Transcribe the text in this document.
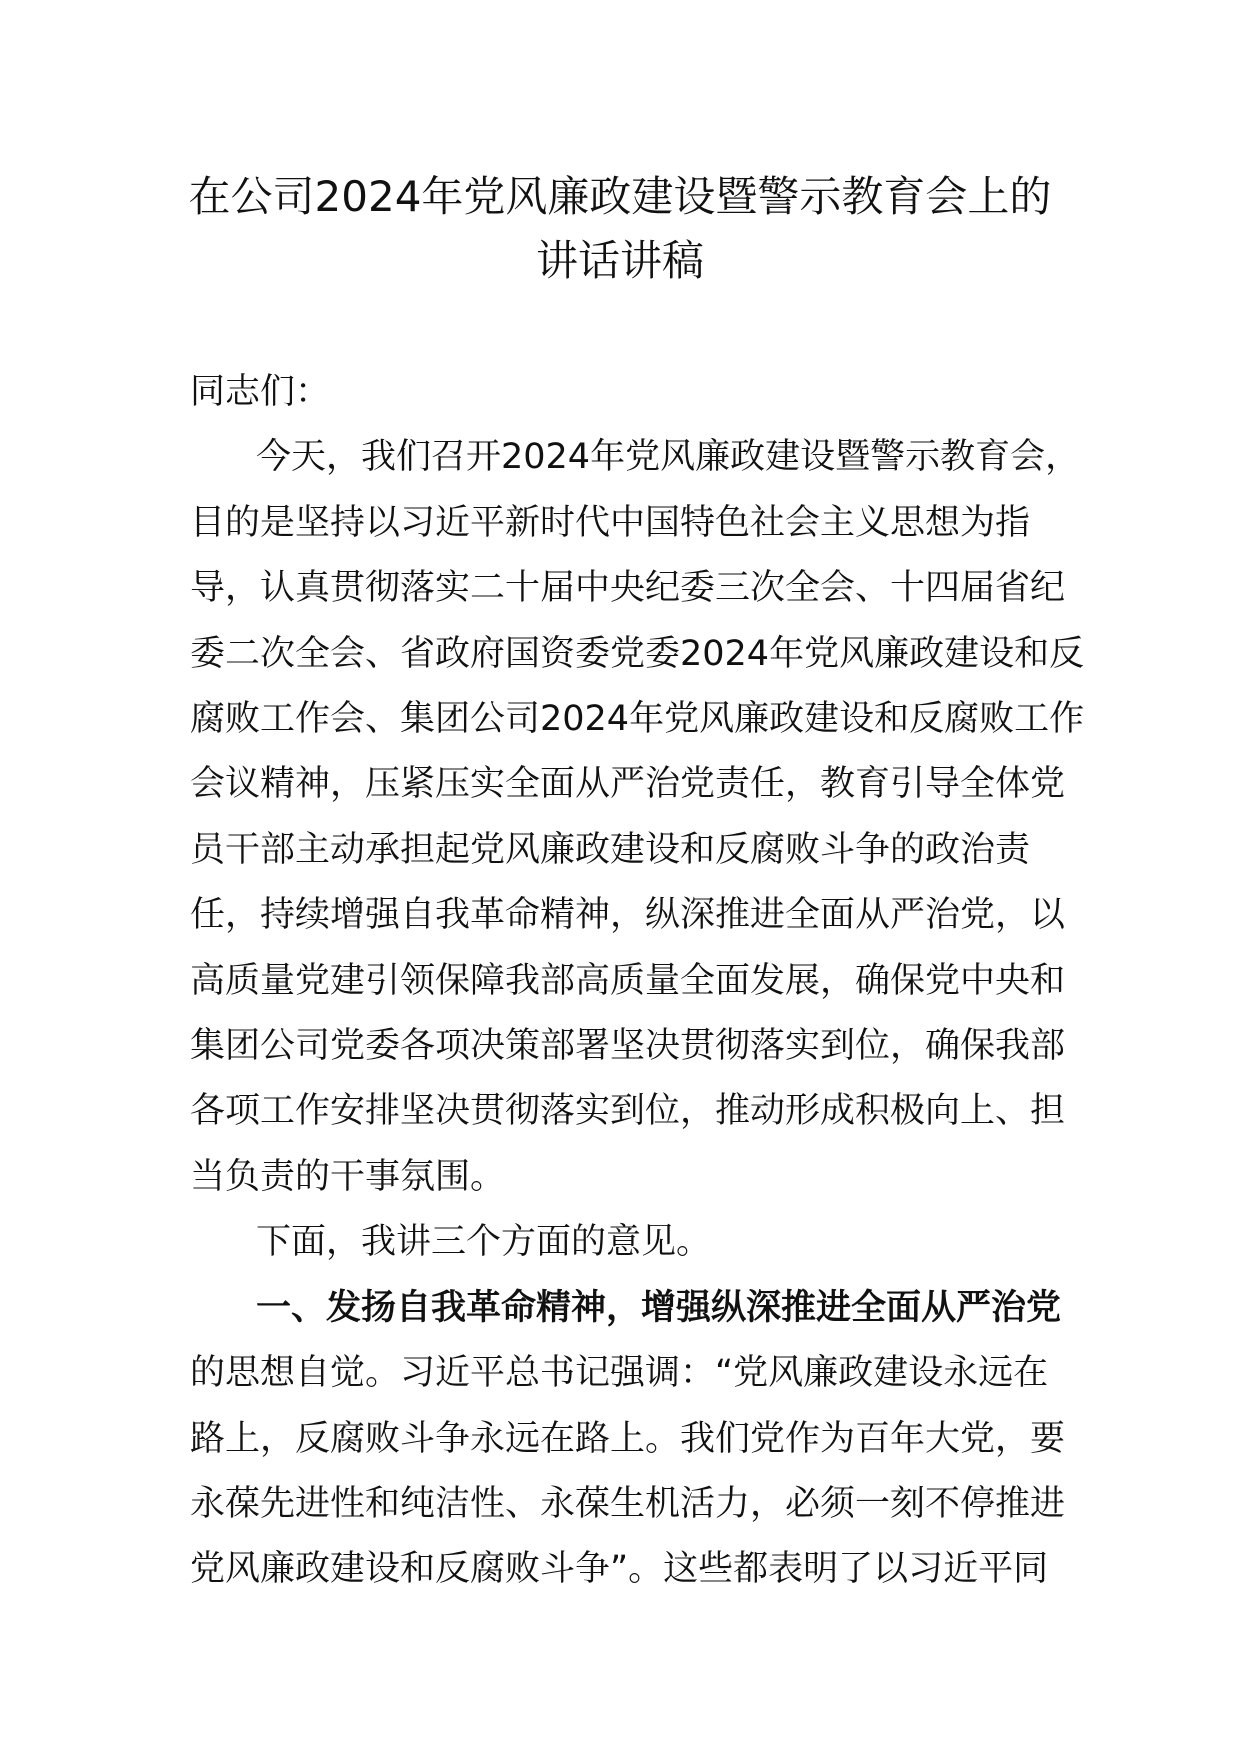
在公司2024年党风廉政建设暨警示教育会上的
讲话讲稿
同志们：
今天，我们召开2024年党风廉政建设暨警示教育会，
目的是坚持以习近平新时代中国特色社会主义思想为指
导，认真贯彻落实二十届中央纪委三次全会、十四届省纪
委二次全会、省政府国资委党委2024年党风廉政建设和反
腐败工作会、集团公司2024年党风廉政建设和反腐败工作
会议精神，压紧压实全面从严治党责任，教育引导全体党
员干部主动承担起党风廉政建设和反腐败斗争的政治责
任，持续增强自我革命精神，纵深推进全面从严治党，以
高质量党建引领保障我部高质量全面发展，确保党中央和
集团公司党委各项决策部署坚决贯彻落实到位，确保我部
各项工作安排坚决贯彻落实到位，推动形成积极向上、担
当负责的干事氛围。
下面，我讲三个方面的意见。
一、发扬自我革命精神，增强纵深推进全面从严治党
的思想自觉。习近平总书记强调：“党风廉政建设永远在
路上，反腐败斗争永远在路上。我们党作为百年大党，要
永葆先进性和纯洁性、永葆生机活力，必须一刻不停推进
党风廉政建设和反腐败斗争”。这些都表明了以习近平同
